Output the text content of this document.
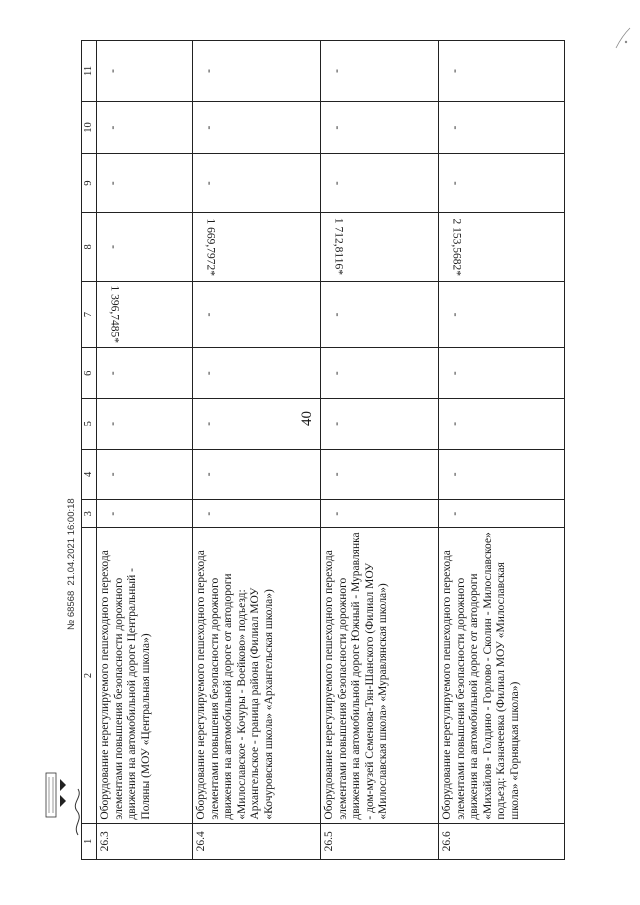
40
1	2	3	4	5	6	7	8	9	10	11
26.3	Оборудование нерегулируемого пешеходного перехода элементами повышения безопасности дорожного движения на автомобильной дороге Центральный - Поляны (МОУ «Центральная школа»)	-	-	-	-	1 396,7485*	-	-	-	-
26.4	Оборудование нерегулируемого пешеходного перехода элементами повышения безопасности дорожного движения на автомобильной дороге от автодороги «Милославское - Кочуры - Воейково» подъезд: Архангельское - граница района (Филиал МОУ «Кочуровская школа» «Архангельская школа»)	-	-	-	-	-	1 669,7972*	-	-	-
26.5	Оборудование нерегулируемого пешеходного перехода элементами повышения безопасности дорожного движения на автомобильной дороге Южный - Муравлянка - дом-музей Семенова-Тян-Шанского (Филиал МОУ «Милославская школа» «Муравлянская школа»)	-	-	-	-	-	1 712,8116*	-	-	-
26.6	Оборудование нерегулируемого пешеходного перехода элементами повышения безопасности дорожного движения на автомобильной дороге от автодороги «Михайлов - Голдино - Горлово - Сколин - Милославское» подъезд: Казначеевка (Филиал МОУ «Милославская школа» «Горняцкая школа»)	-	-	-	-	-	2 153,5682*	-	-	-
№ 68568  21.04.2021 16:00:18
